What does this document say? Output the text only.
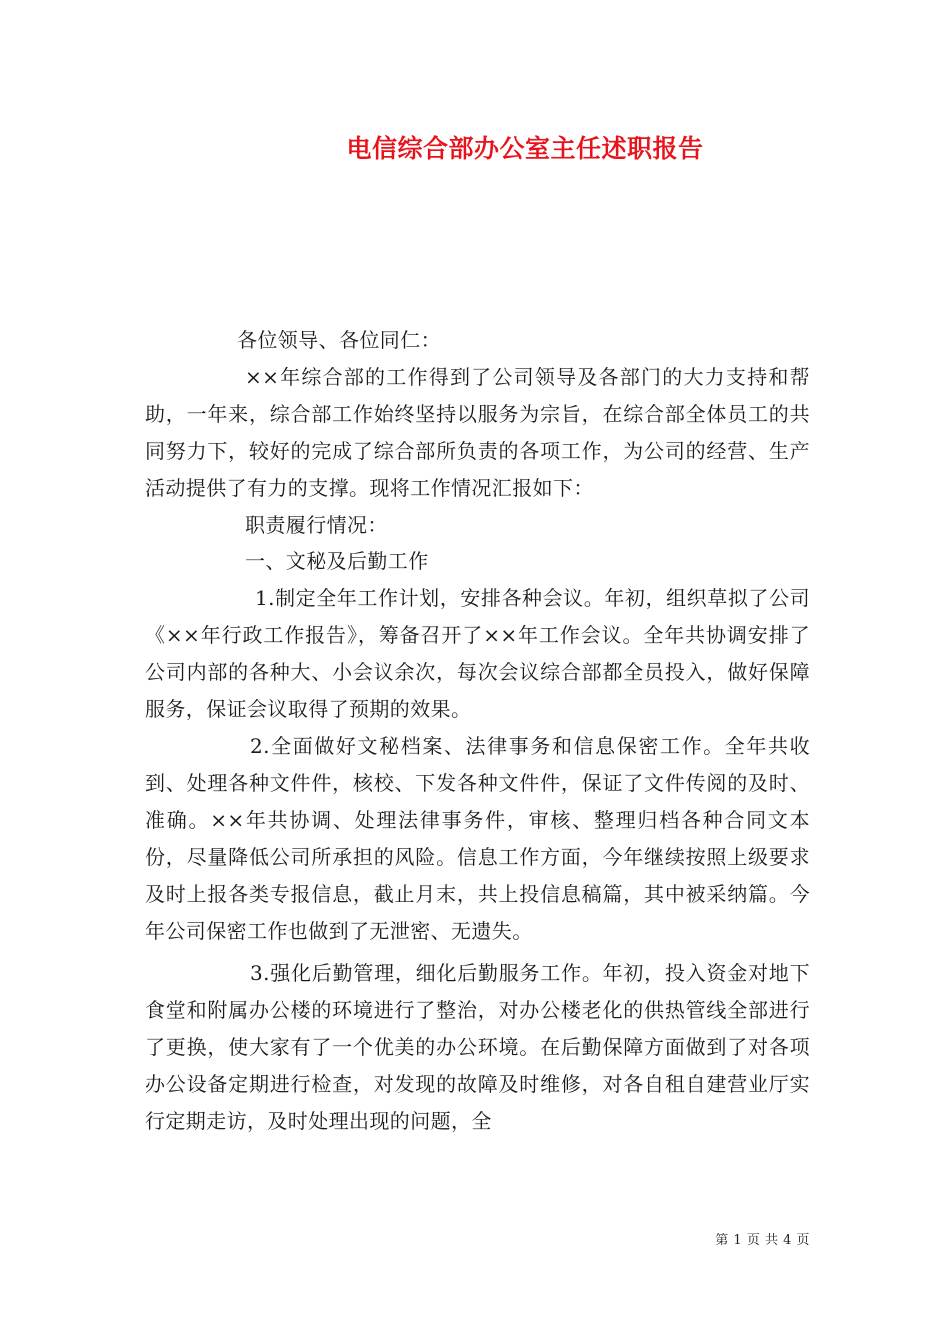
电信综合部办公室主任述职报告

各位领导、各位同仁：

××年综合部的工作得到了公司领导及各部门的大力支持和帮助，一年来，综合部工作始终坚持以服务为宗旨，在综合部全体员工的共同努力下，较好的完成了综合部所负责的各项工作，为公司的经营、生产活动提供了有力的支撑。现将工作情况汇报如下：

职责履行情况：

一、文秘及后勤工作

1.制定全年工作计划，安排各种会议。年初，组织草拟了公司《××年行政工作报告》，筹备召开了××年工作会议。全年共协调安排了公司内部的各种大、小会议余次，每次会议综合部都全员投入，做好保障服务，保证会议取得了预期的效果。

2.全面做好文秘档案、法律事务和信息保密工作。全年共收到、处理各种文件件，核校、下发各种文件件，保证了文件传阅的及时、准确。××年共协调、处理法律事务件，审核、整理归档各种合同文本份，尽量降低公司所承担的风险。信息工作方面，今年继续按照上级要求及时上报各类专报信息，截止月末，共上投信息稿篇，其中被采纳篇。今年公司保密工作也做到了无泄密、无遗失。

3.强化后勤管理，细化后勤服务工作。年初，投入资金对地下食堂和附属办公楼的环境进行了整治，对办公楼老化的供热管线全部进行了更换，使大家有了一个优美的办公环境。在后勤保障方面做到了对各项办公设备定期进行检查，对发现的故障及时维修，对各自租自建营业厅实行定期走访，及时处理出现的问题，全

第 1 页 共 4 页
